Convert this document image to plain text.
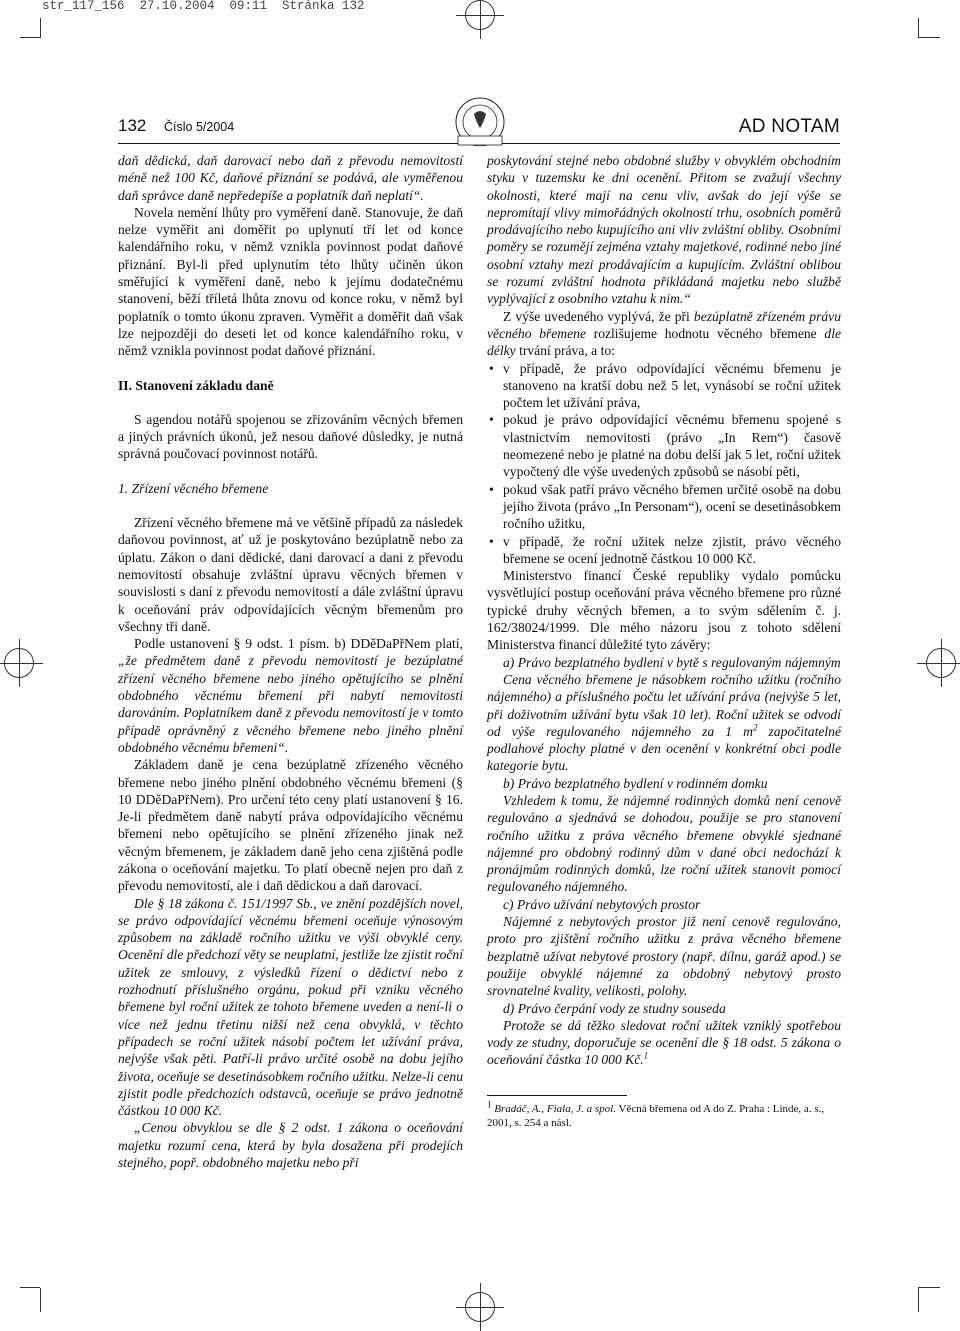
str_117_156  27.10.2004  09:11  Stránka 132
132 Číslo 5/2004	AD NOTAM

daň dědická, daň darovací nebo daň z převodu nemovitostí méně než 100 Kč, daňové přiznání se podává, ale vyměřenou daň správce daně nepředepíše a poplatník daň neplatí“.

Novela nemění lhůty pro vyměření daně. Stanovuje, že daň nelze vyměřit ani doměřit po uplynutí tří let od konce kalendářního roku, v němž vznikla povinnost podat daňové přiznání. Byl-li před uplynutím této lhůty učiněn úkon směřující k vyměření daně, nebo k jejímu dodatečnému stanovení, běží tříletá lhůta znovu od konce roku, v němž byl poplatník o tomto úkonu zpraven. Vyměřit a doměřit daň však lze nejpozději do deseti let od konce kalendářního roku, v němž vznikla povinnost podat daňové přiznání.

II. Stanovení základu daně

S agendou notářů spojenou se zřizováním věcných břemen a jiných právních úkonů, jež nesou daňové důsledky, je nutná správná poučovací povinnost notářů.

1. Zřízení věcného břemene

Zřízení věcného břemene má ve většině případů za následek daňovou povinnost, ať už je poskytováno bezúplatně nebo za úplatu. Zákon o dani dědické, dani darovací a dani z převodu nemovitostí obsahuje zvláštní úpravu věcných břemen v souvislosti s daní z převodu nemovitostí a dále zvláštní úpravu k oceňování práv odpovídajících věcným břemenům pro všechny tři daně.

Podle ustanovení § 9 odst. 1 písm. b) DDěDaPřNem platí, „že předmětem daně z převodu nemovitostí je bezúplatné zřízení věcného břemene nebo jiného opětujícího se plnění obdobného věcnému břemeni při nabytí nemovitosti darováním. Poplatníkem daně z převodu nemovitostí je v tomto případě oprávněný z věcného břemene nebo jiného plnění obdobného věcnému břemeni“.

Základem daně je cena bezúplatně zřízeného věcného břemene nebo jiného plnění obdobného věcnému břemeni (§ 10 DDěDaPřNem). Pro určení této ceny platí ustanovení § 16. Je-li předmětem daně nabytí práva odpovídajícího věcnému břemeni nebo opětujícího se plnění zřízeného jinak než věcným břemenem, je základem daně jeho cena zjištěná podle zákona o oceňování majetku. To platí obecně nejen pro daň z převodu nemovitostí, ale i daň dědickou a daň darovací.

Dle § 18 zákona č. 151/1997 Sb., ve znění pozdějších novel, se právo odpovídající věcnému břemeni oceňuje výnosovým způsobem na základě ročního užitku ve výši obvyklé ceny. Ocenění dle předchozí věty se neuplatní, jestliže lze zjistit roční užitek ze smlouvy, z výsledků řízení o dědictví nebo z rozhodnutí příslušného orgánu, pokud při vzniku věcného břemene byl roční užitek ze tohoto břemene uveden a není-li o více než jednu třetinu nižší než cena obvyklá, v těchto případech se roční užitek násobí počtem let užívání práva, nejvýše však pěti. Patří-li právo určité osobě na dobu jejího života, oceňuje se desetinásobkem ročního užitku. Nelze-li cenu zjistit podle předchozích odstavců, oceňuje se právo jednotně částkou 10 000 Kč.

„Cenou obvyklou se dle § 2 odst. 1 zákona o oceňování majetku rozumí cena, která by byla dosažena při prodejích stejného, popř. obdobného majetku nebo při

poskytování stejné nebo obdobné služby v obvyklém obchodním styku v tuzemsku ke dni ocenění. Přitom se zvažují všechny okolnosti, které mají na cenu vliv, avšak do její výše se nepromítají vlivy mimořádných okolností trhu, osobních poměrů prodávajícího nebo kupujícího ani vliv zvláštní obliby. Osobními poměry se rozumějí zejména vztahy majetkové, rodinné nebo jiné osobní vztahy mezi prodávajícím a kupujícím. Zvláštní oblibou se rozumí zvláštní hodnota přikládaná majetku nebo službě vyplývající z osobního vztahu k nim.“

Z výše uvedeného vyplývá, že při bezúplatně zřízeném právu věcného břemene rozlišujeme hodnotu věcného břemene dle délky trvání práva, a to:

• v případě, že právo odpovídající věcnému břemenu je stanoveno na kratší dobu než 5 let, vynásobí se roční užitek počtem let užívání práva,
• pokud je právo odpovídající věcnému břemenu spojené s vlastnictvím nemovitosti (právo „In Rem“) časově neomezené nebo je platné na dobu delší jak 5 let, roční užitek vypočtený dle výše uvedených způsobů se násobí pěti,
• pokud však patří právo věcného břemen určité osobě na dobu jejího života (právo „In Personam“), ocení se desetinásobkem ročního užitku,
• v případě, že roční užitek nelze zjistit, právo věcného břemene se ocení jednotně částkou 10 000 Kč.

Ministerstvo financí České republiky vydalo pomůcku vysvětlující postup oceňování práva věcného břemene pro různé typické druhy věcných břemen, a to svým sdělením č. j. 162/38024/1999. Dle mého názoru jsou z tohoto sdělení Ministerstva financí důležité tyto závěry:

a) Právo bezplatného bydlení v bytě s regulovaným nájemným

Cena věcného břemene je násobkem ročního užitku (ročního nájemného) a příslušného počtu let užívání práva (nejvýše 5 let, při doživotním užívání bytu však 10 let). Roční užitek se odvodí od výše regulovaného nájemného za 1 $m^2$ započitatelné podlahové plochy platné v den ocenění v konkrétní obci podle kategorie bytu.

b) Právo bezplatného bydlení v rodinném domku

Vzhledem k tomu, že nájemné rodinných domků není cenově regulováno a sjednává se dohodou, použije se pro stanovení ročního užitku z práva věcného břemene obvyklé sjednané nájemné pro obdobný rodinný dům v dané obci nedochází k pronájmům rodinných domků, lze roční užitek stanovit pomocí regulovaného nájemného.

c) Právo užívání nebytových prostor

Nájemné z nebytových prostor již není cenově regulováno, proto pro zjištění ročního užitku z práva věcného břemene bezplatně užívat nebytové prostory (např. dílnu, garáž apod.) se použije obvyklé nájemné za obdobný nebytový prosto srovnatelné kvality, velikosti, polohy.

d) Právo čerpání vody ze studny souseda

Protože se dá těžko sledovat roční užitek vzniklý spotřebou vody ze studny, doporučuje se ocenění dle § 18 odst. 5 zákona o oceňování částka 10 000 Kč.$^1$

$^1$ Bradáč, A., Fiala, J. a spol. Věcná břemena od A do Z. Praha : Linde, a. s., 2001, s. 254 a násl.
